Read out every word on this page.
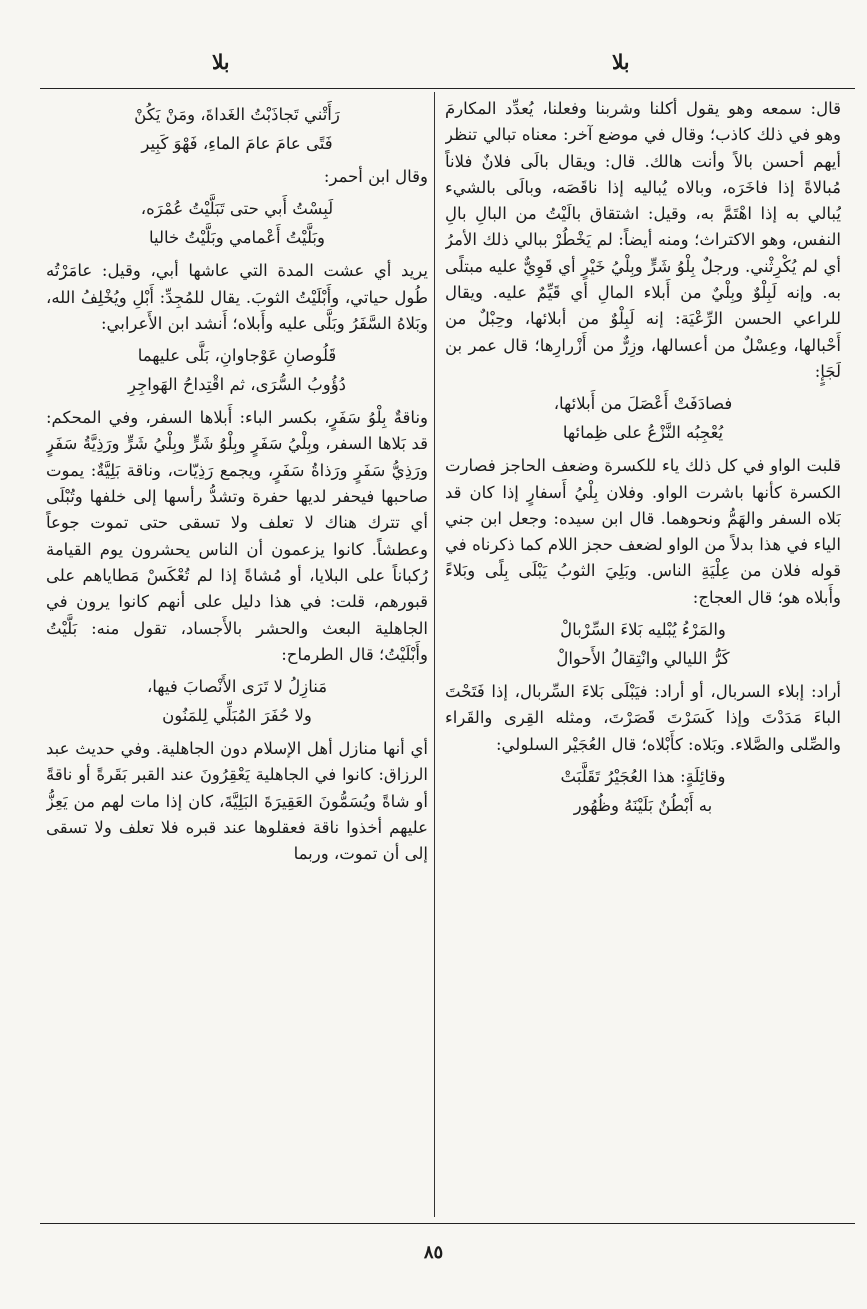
بلا
بلا

قال: سمعه وهو يقول أكلنا وشربنا وفعلنا، يُعدِّد المكارمَ وهو في ذلك كاذب؛ وقال في موضع آخر: معناه تبالي تنظر أيهم أحسن بالاً وأنت هالك. قال: ويقال بالَى فلانٌ فلاناً مُبالاةً إذا فاخَرَه، وبالاه يُباليه إذا ناقَصَه، وبالَى بالشيء يُبالي به إذا اهْتَمَّ به، وقيل: اشتقاق بالَيْتُ من البالِ بالِ النفس، وهو الاكتراث؛ ومنه أيضاً: لم يَخْطُرْ ببالي ذلك الأمرُ أي لم يُكْرِثْني. ورجلٌ بِلْوُ شَرٍّ وبِلْيُ خَيْرٍ أي قَوِيٌّ عليه مبتلًى به. وإنه لَبِلْوٌ وبِلْيٌ من أَبلاء المالِ أي قَيِّمٌ عليه. ويقال للراعي الحسن الرِّعْيَة: إنه لَبِلْوٌ من أبلائها، وحِبْلٌ من أَحْبالها، وعِسْلٌ من أعسالها، وزِرٌّ من أَزْرارِها؛ قال عمر بن لَجَإٍ:

فصادَفَتْ أَعْصَلَ من أَبلائها،
يُعْجِبُه النَّزْعُ على ظِمائها

قلبت الواو في كل ذلك ياء للكسرة وضعف الحاجز فصارت الكسرة كأنها باشرت الواو. وفلان بِلْيُ أَسفارٍ إذا كان قد بَلاه السفر والهَمُّ ونحوهما. قال ابن سيده: وجعل ابن جني الياء في هذا بدلاً من الواو لضعف حجز اللام كما ذكرناه في قوله فلان من عِلْيَةِ الناس. وبَلِيَ الثوبُ يَبْلَى بِلًى وبَلاءً وأَبلاه هو؛ قال العجاج:

والمَرْءُ يُبْليه بَلاءَ السِّرْبالْ
كَرُّ الليالي وانْتِقالُ الأَحوالْ

أراد: إبلاء السربال، أو أراد: فيَبْلَى بَلاءَ السِّربال، إذا فَتَحْتَ الباءَ مَدَدْتَ وإذا كَسَرْتَ قَصَرْتَ، ومثله القِرى والقَراء والصِّلى والصَّلاء. وبَلاه: كأَبْلاه؛ قال العُجَيْر السلولي:

وقائِلَةٍ: هذا العُجَيْرُ تَقَلَّبَتْ
به أَبْطُنٌ بَلَيْنَهُ وظُهُور
رَأَتْني تَجاذَبْتُ الغَداةَ، ومَنْ يَكُنْ
فَتًى عامَ عامَ الماءِ، فَهْوَ كَبِير

وقال ابن أحمر:

لَبِسْتُ أَبي حتى تَبَلَّيْتُ عُمْرَه،
وبَلَّيْتُ أَعْمامي وبَلَّيْتُ خاليا

يريد أي عشت المدة التي عاشها أبي، وقيل: عامَرْتُه طُول حياتي، وأَبْلَيْتُ الثوبَ. يقال للمُجِدِّ: أَبْلِ ويُخْلِفُ الله، وبَلاهُ السَّفَرُ وبَلَّى عليه وأَبلاه؛ أَنشد ابن الأَعرابي:

قَلُوصانِ عَوْجاوانِ، بَلَّى عليهما
دُؤُوبُ السُّرَى، ثم اقْتِداحُ الهَواجِرِ

وناقةٌ بِلْوُ سَفَرٍ، بكسر الباء: أَبلاها السفر، وفي المحكم: قد بَلاها السفر، وبِلْيُ سَفَرٍ وبِلْوُ شَرٍّ وبِلْيُ شَرٍّ ورَذِيَّةُ سَفَرٍ ورَذِيُّ سَفَرٍ ورَذاةُ سَفَرٍ، ويجمع رَذِيّات، وناقة بَلِيَّةٌ: يموت صاحبها فيحفر لديها حفرة وتشدُّ رأسها إلى خلفها وتُبْلَى أي تترك هناك لا تعلف ولا تسقى حتى تموت جوعاً وعطشاً. كانوا يزعمون أن الناس يحشرون يوم القيامة رُكباناً على البلايا، أو مُشاةً إذا لم تُعْكَسْ مَطاياهم على قبورهم، قلت: في هذا دليل على أنهم كانوا يرون في الجاهلية البعث والحشر بالأَجساد، تقول منه: بَلَّيْتُ وأَبْلَيْتُ؛ قال الطرماح:

مَنازِلُ لا تَرَى الأَنْصابَ فيها،
ولا حُفَرَ المُبَلِّي لِلمَنُون

أي أنها منازل أهل الإسلام دون الجاهلية. وفي حديث عبد الرزاق: كانوا في الجاهلية يَعْقِرُونَ عند القبر بَقَرةً أو ناقةً أو شاةً ويُسَمُّونَ العَقِيرَةَ البَلِيَّةَ، كان إذا مات لهم من يَعِزُّ عليهم أخذوا ناقة فعقلوها عند قبره فلا تعلف ولا تسقى إلى أن تموت، وربما

٨٥
